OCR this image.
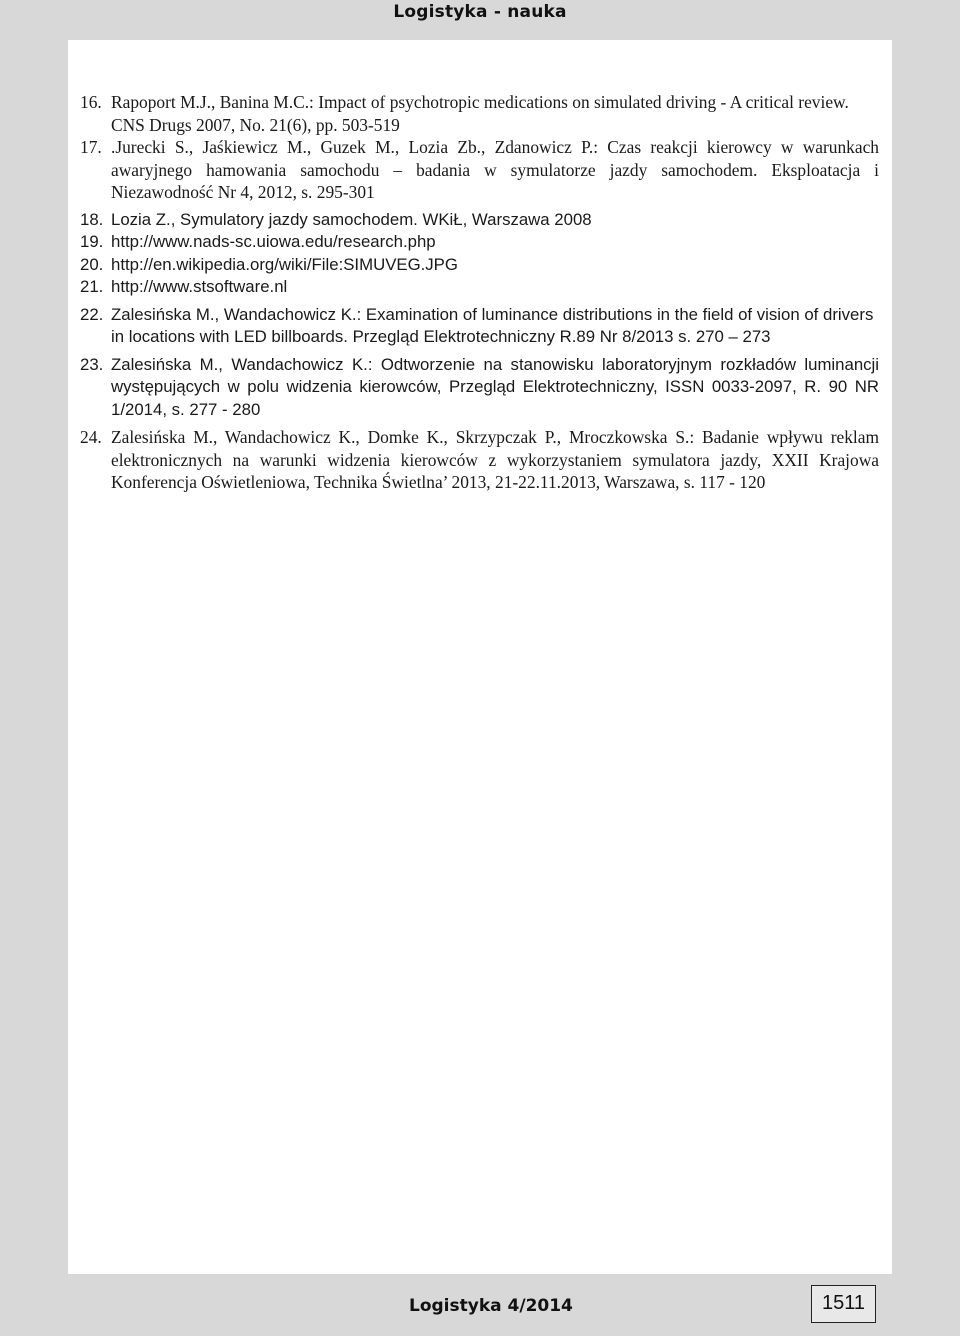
Logistyka - nauka
16. Rapoport M.J., Banina M.C.: Impact of psychotropic medications on simulated driving - A critical review. CNS Drugs 2007, No. 21(6), pp. 503-519
17. .Jurecki S., Jaśkiewicz M., Guzek M., Lozia Zb., Zdanowicz P.: Czas reakcji kierowcy w warunkach awaryjnego hamowania samochodu – badania w symulatorze jazdy samochodem. Eksploatacja i Niezawodność Nr 4, 2012, s. 295-301
18. Lozia Z., Symulatory jazdy samochodem. WKiŁ, Warszawa 2008
19. http://www.nads-sc.uiowa.edu/research.php
20. http://en.wikipedia.org/wiki/File:SIMUVEG.JPG
21. http://www.stsoftware.nl
22. Zalesińska M., Wandachowicz K.: Examination of luminance distributions in the field of vision of drivers in locations with LED billboards. Przegląd Elektrotechniczny R.89 Nr 8/2013 s. 270 – 273
23. Zalesińska M., Wandachowicz K.: Odtworzenie na stanowisku laboratoryjnym rozkładów luminancji występujących w polu widzenia kierowców, Przegląd Elektrotechniczny, ISSN 0033-2097, R. 90 NR 1/2014, s. 277 - 280
24. Zalesińska M., Wandachowicz K., Domke K., Skrzypczak P., Mroczkowska S.: Badanie wpływu reklam elektronicznych na warunki widzenia kierowców z wykorzystaniem symulatora jazdy, XXII Krajowa Konferencja Oświetleniowa, Technika Świetlna’ 2013, 21-22.11.2013, Warszawa, s. 117 - 120
Logistyka 4/2014	1511
